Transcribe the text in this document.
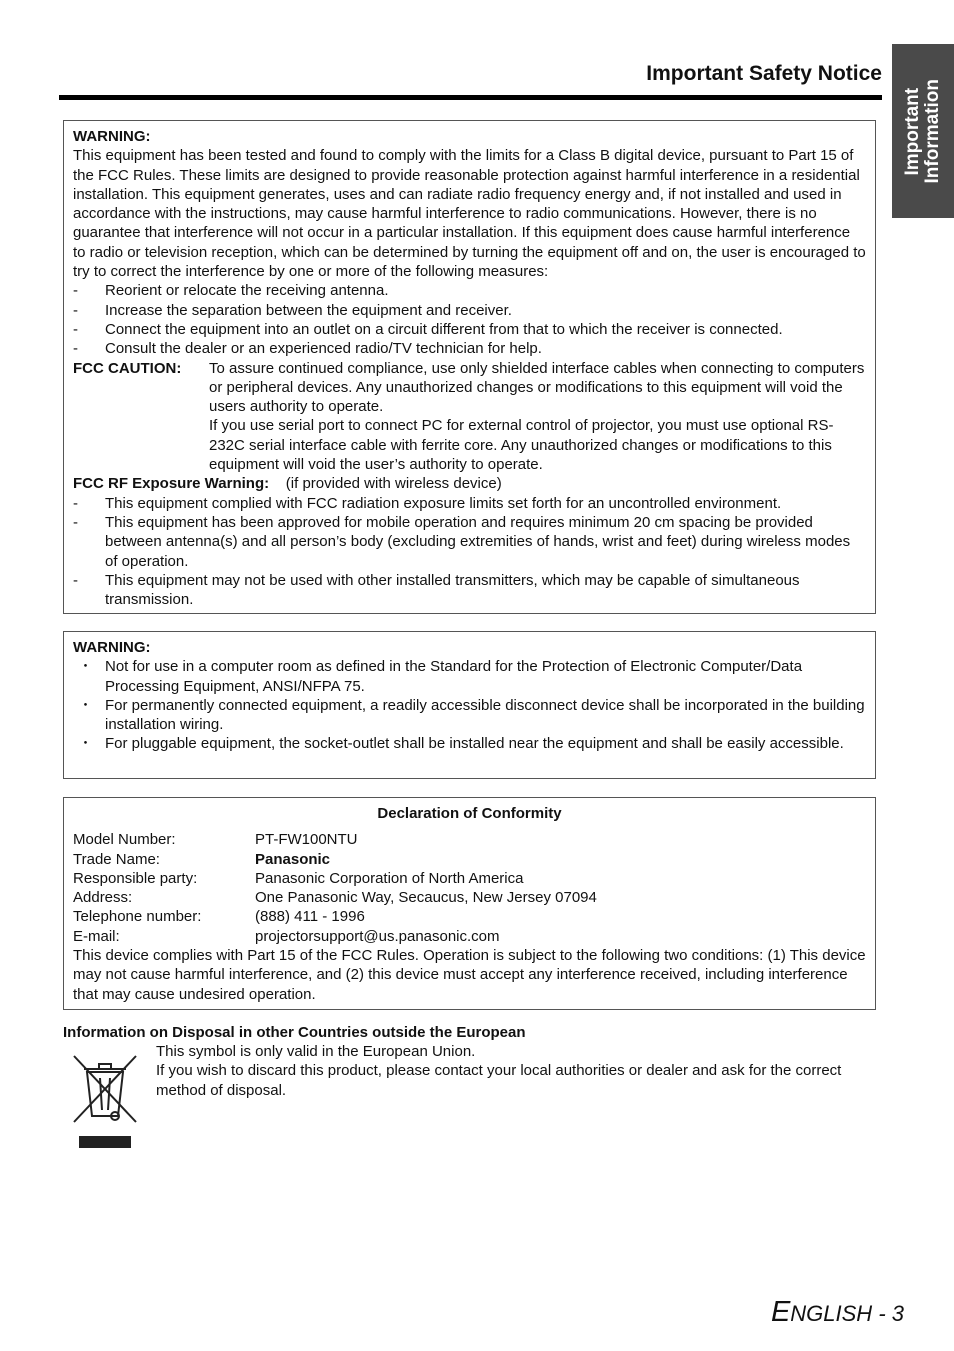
Important
Information
Important Safety Notice
WARNING:

This equipment has been tested and found to comply with the limits for a Class B digital device, pursuant to Part 15 of the FCC Rules. These limits are designed to provide reasonable protection against harmful interference in a residential installation. This equipment generates, uses and can radiate radio frequency energy and, if not installed and used in accordance with the instructions, may cause harmful interference to radio communications. However, there is no guarantee that interference will not occur in a particular installation. If this equipment does cause harmful interference to radio or television reception, which can be determined by turning the equipment off and on, the user is encouraged to try to correct the interference by one or more of the following measures:

-	Reorient or relocate the receiving antenna.
-	Increase the separation between the equipment and receiver.
-	Connect the equipment into an outlet on a circuit different from that to which the receiver is connected.
-	Consult the dealer or an experienced radio/TV technician for help.
FCC CAUTION:	To assure continued compliance, use only shielded interface cables when connecting to computers or peripheral devices. Any unauthorized changes or modifications to this equipment will void the users authority to operate.
If you use serial port to connect PC for external control of projector, you must use optional RS-232C serial interface cable with ferrite core. Any unauthorized changes or modifications to this equipment will void the user’s authority to operate.
FCC RF Exposure Warning: (if provided with wireless device)
-	This equipment complied with FCC radiation exposure limits set forth for an uncontrolled environment.
-	This equipment has been approved for mobile operation and requires minimum 20 cm spacing be provided between antenna(s) and all person’s body (excluding extremities of hands, wrist and feet) during wireless modes of operation.
-	This equipment may not be used with other installed transmitters, which may be capable of simultaneous transmission.
WARNING:
・ Not for use in a computer room as defined in the Standard for the Protection of Electronic Computer/Data Processing Equipment, ANSI/NFPA 75.
・ For permanently connected equipment, a readily accessible disconnect device shall be incorporated in the building installation wiring.
・ For pluggable equipment, the socket-outlet shall be installed near the equipment and shall be easily accessible.
Declaration of Conformity
Model Number:	PT-FW100NTU
Trade Name:	Panasonic
Responsible party:	Panasonic Corporation of North America
Address:	One Panasonic Way, Secaucus, New Jersey 07094
Telephone number:	(888) 411 - 1996
E-mail:	projectorsupport@us.panasonic.com

This device complies with Part 15 of the FCC Rules. Operation is subject to the following two conditions: (1) This device may not cause harmful interference, and (2) this device must accept any interference received, including interference that may cause undesired operation.

Information on Disposal in other Countries outside the European
This symbol is only valid in the European Union.
If you wish to discard this product, please contact your local authorities or dealer and ask for the correct method of disposal.
ENGLISH - 3
